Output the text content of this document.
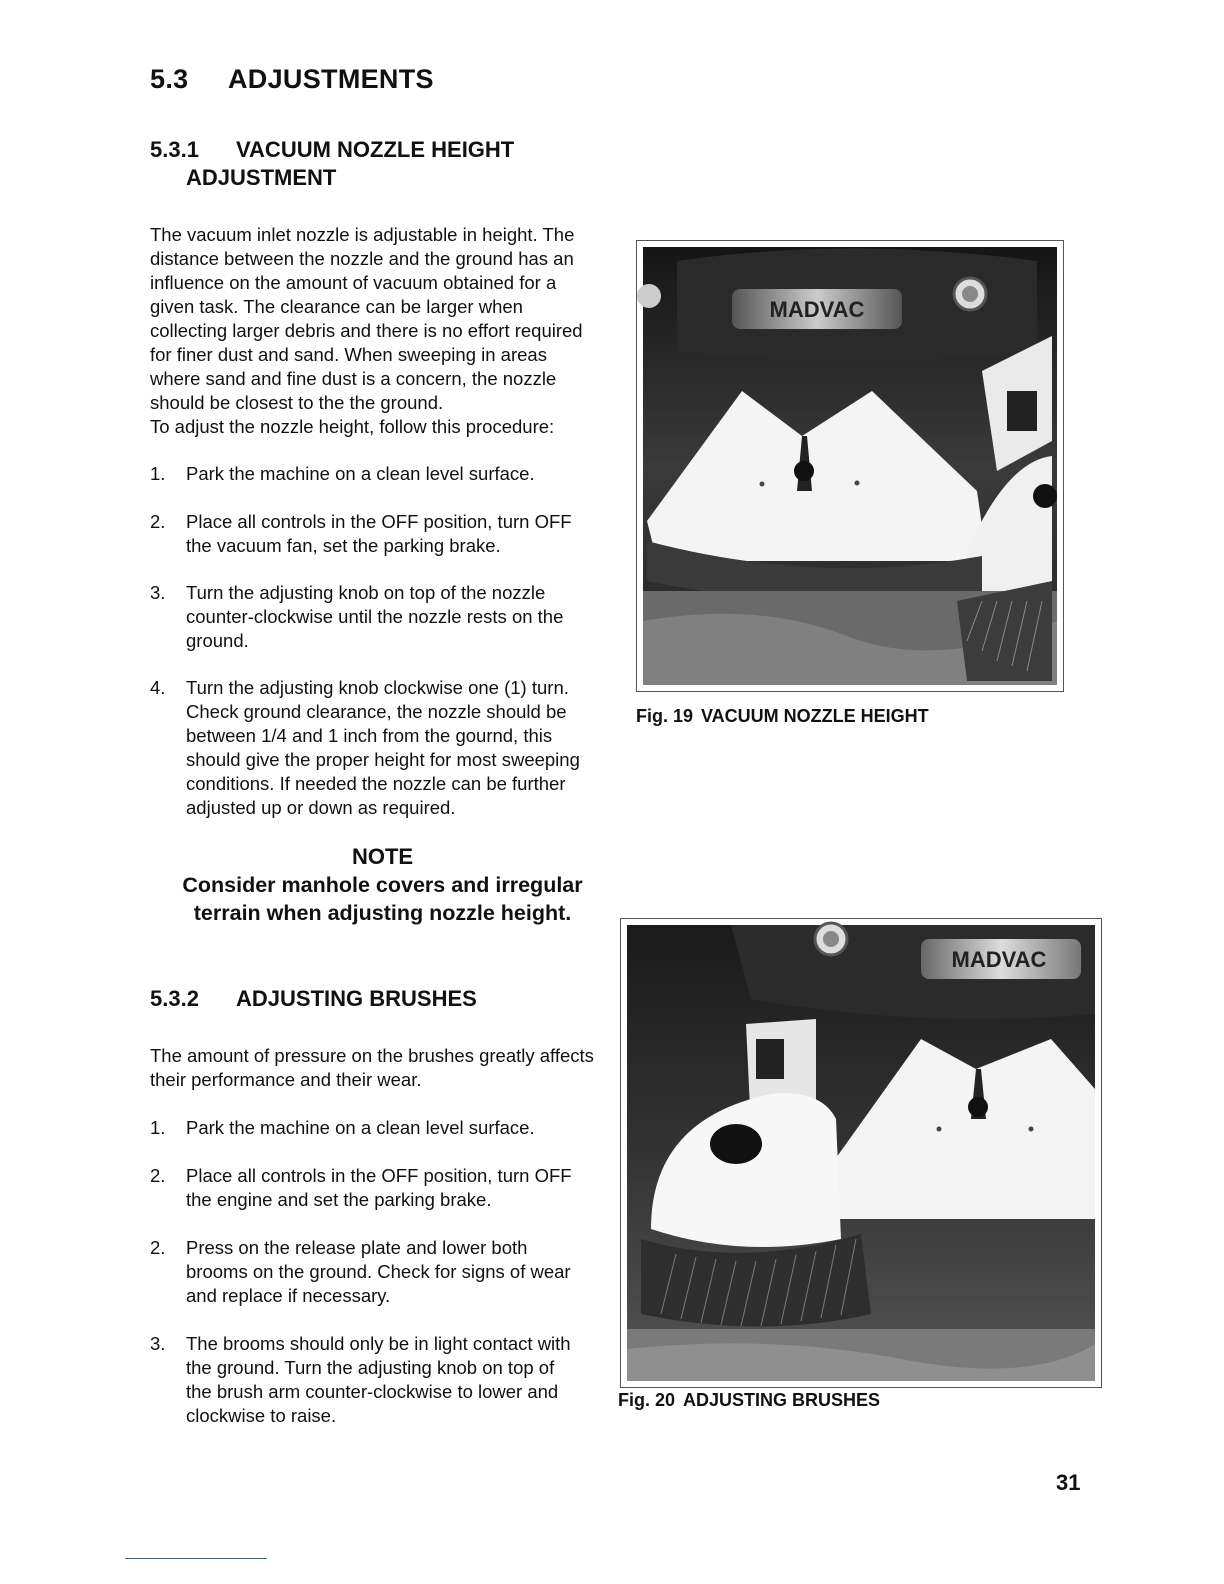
5.3 ADJUSTMENTS
5.3.1 VACUUM NOZZLE HEIGHT
ADJUSTMENT
The vacuum inlet nozzle is adjustable in height. The
distance between the nozzle and the ground has an
influence on the amount of vacuum obtained for a
given task. The clearance can be larger when
collecting larger debris and there is no effort required
for finer dust and sand. When sweeping in areas
where sand and fine dust is a concern, the nozzle
should be closest to the the ground.
To adjust the nozzle height, follow this procedure:
1. Park the machine on a clean level surface.
2. Place all controls in the OFF position, turn OFF
the vacuum fan, set the parking brake.
3. Turn the adjusting knob on top of the nozzle
counter-clockwise until the nozzle rests on the
ground.
4. Turn the adjusting knob clockwise one (1) turn.
Check ground clearance, the nozzle should be
between 1/4 and 1 inch from the gournd, this
should give the proper height for most sweeping
conditions. If needed the nozzle can be further
adjusted up or down as required.
NOTE
Consider manhole covers and irregular
terrain when adjusting nozzle height.
5.3.2 ADJUSTING BRUSHES
The amount of pressure on the brushes greatly affects
their performance and their wear.
1. Park the machine on a clean level surface.
2. Place all controls in the OFF position, turn OFF
the engine and set the parking brake.
2. Press on the release plate and lower both
brooms on the ground. Check for signs of wear
and replace if necessary.
3. The brooms should only be in light contact with
the ground. Turn the adjusting knob on top of
the brush arm counter-clockwise to lower and
clockwise to raise.
MADVAC
Fig. 19 VACUUM NOZZLE HEIGHT
MADVAC
Fig. 20 ADJUSTING BRUSHES
31
